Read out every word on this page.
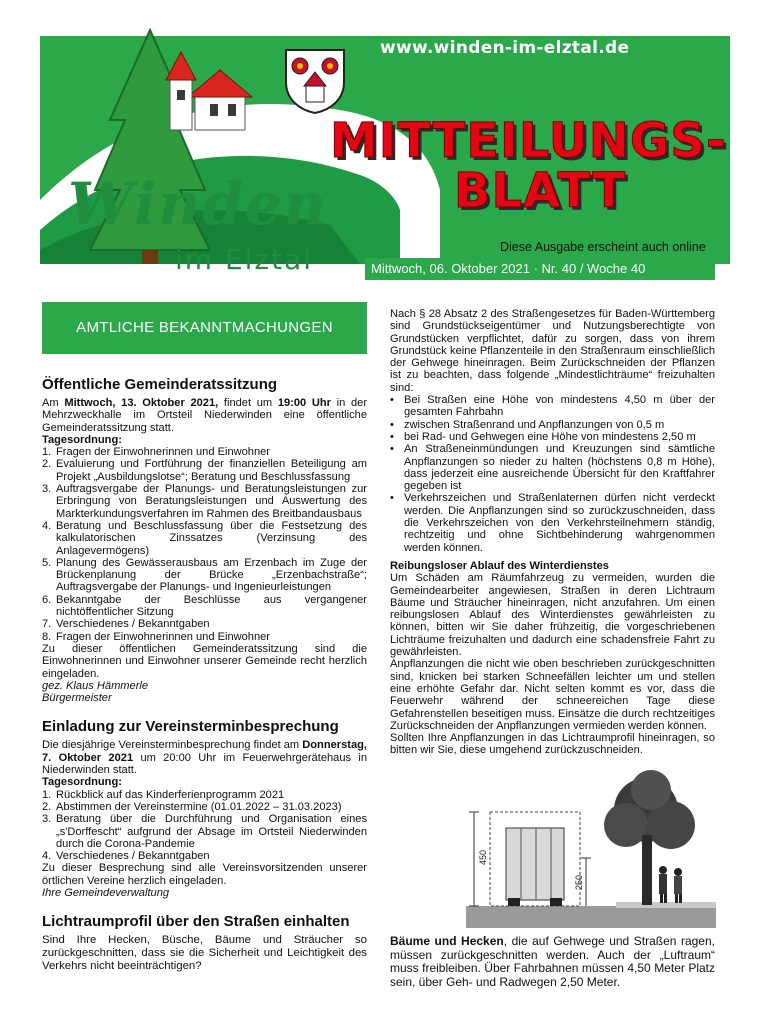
www.winden-im-elztal.de
MITTEILUNGS-
BLATT
Winden
im Elztal	Diese Ausgabe erscheint auch online
Mittwoch, 06. Oktober 2021 · Nr. 40 / Woche 40
AMTLICHE BEKANNTMACHUNGEN
Öffentliche Gemeinderatssitzung

Am Mittwoch, 13. Oktober 2021, findet um 19:00 Uhr in der Mehrzweckhalle im Ortsteil Niederwinden eine öffentliche Gemeinderatssitzung statt.

Tagesordnung:

1. Fragen der Einwohnerinnen und Einwohner
2. Evaluierung und Fortführung der finanziellen Beteiligung am Projekt „Ausbildungslotse“; Beratung und Beschlussfassung
3. Auftragsvergabe der Planungs- und Beratungsleistungen zur Erbringung von Beratungsleistungen und Auswertung des Markterkundungsverfahren im Rahmen des Breitbandausbaus
4. Beratung und Beschlussfassung über die Festsetzung des kalkulatorischen Zinssatzes (Verzinsung des Anlagevermögens)
5. Planung des Gewässerausbaus am Erzenbach im Zuge der Brückenplanung der Brücke „Erzenbachstraße“; Auftragsvergabe der Planungs- und Ingenieurleistungen
6. Bekanntgabe der Beschlüsse aus vergangener nichtöffentlicher Sitzung
7. Verschiedenes / Bekanntgaben
8. Fragen der Einwohnerinnen und Einwohner

Zu dieser öffentlichen Gemeinderatssitzung sind die Einwohnerinnen und Einwohner unserer Gemeinde recht herzlich eingeladen.

gez. Klaus Hämmerle

Bürgermeister

Einladung zur Vereinsterminbesprechung

Die diesjährige Vereinsterminbesprechung findet am Donnerstag, 7. Oktober 2021 um 20:00 Uhr im Feuerwehrgerätehaus in Niederwinden statt.

Tagesordnung:

1. Rückblick auf das Kinderferienprogramm 2021
2. Abstimmen der Vereinstermine (01.01.2022 – 31.03.2023)
3. Beratung über die Durchführung und Organisation eines „s'Dorffescht“ aufgrund der Absage im Ortsteil Niederwinden durch die Corona-Pandemie
4. Verschiedenes / Bekanntgaben

Zu dieser Besprechung sind alle Vereinsvorsitzenden unserer örtlichen Vereine herzlich eingeladen.

Ihre Gemeindeverwaltung

Lichtraumprofil über den Straßen einhalten

Sind Ihre Hecken, Büsche, Bäume und Sträucher so zurückgeschnitten, dass sie die Sicherheit und Leichtigkeit des Verkehrs nicht beeinträchtigen?

Nach § 28 Absatz 2 des Straßengesetzes für Baden-Württemberg sind Grundstückseigentümer und Nutzungsberechtigte von Grundstücken verpflichtet, dafür zu sorgen, dass von ihrem Grundstück keine Pflanzenteile in den Straßenraum einschließlich der Gehwege hineinragen. Beim Zurückschneiden der Pflanzen ist zu beachten, dass folgende „Mindestlichträume“ freizuhalten sind:

• Bei Straßen eine Höhe von mindestens 4,50 m über der gesamten Fahrbahn
• zwischen Straßenrand und Anpflanzungen von 0,5 m
• bei Rad- und Gehwegen eine Höhe von mindestens 2,50 m
• An Straßeneinmündungen und Kreuzungen sind sämtliche Anpflanzungen so nieder zu halten (höchstens 0,8 m Höhe), dass jederzeit eine ausreichende Übersicht für den Kraftfahrer gegeben ist
• Verkehrszeichen und Straßenlaternen dürfen nicht verdeckt werden. Die Anpflanzungen sind so zurückzuschneiden, dass die Verkehrszeichen von den Verkehrsteilnehmern ständig, rechtzeitig und ohne Sichtbehinderung wahrgenommen werden können.

Reibungsloser Ablauf des Winterdienstes

Um Schäden am Räumfahrzeug zu vermeiden, wurden die Gemeindearbeiter angewiesen, Straßen in deren Lichtraum Bäume und Sträucher hineinragen, nicht anzufahren. Um einen reibungslosen Ablauf des Winterdienstes gewährleisten zu können, bitten wir Sie daher frühzeitig, die vorgeschriebenen Lichträume freizuhalten und dadurch eine schadensfreie Fahrt zu gewährleisten.

Anpflanzungen die nicht wie oben beschrieben zurückgeschnitten sind, knicken bei starken Schneefällen leichter um und stellen eine erhöhte Gefahr dar. Nicht selten kommt es vor, dass die Feuerwehr während der schneereichen Tage diese Gefahrenstellen beseitigen muss. Einsätze die durch rechtzeitiges Zurückschneiden der Anpflanzungen vermieden werden können.

Sollten Ihre Anpflanzungen in das Lichtraumprofil hineinragen, so bitten wir Sie, diese umgehend zurückzuschneiden.

450
250
Bäume und Hecken, die auf Gehwege und Straßen ragen, müssen zurückgeschnitten werden. Auch der „Luftraum“ muss freibleiben. Über Fahrbahnen müssen 4,50 Meter Platz sein, über Geh- und Radwegen 2,50 Meter.
